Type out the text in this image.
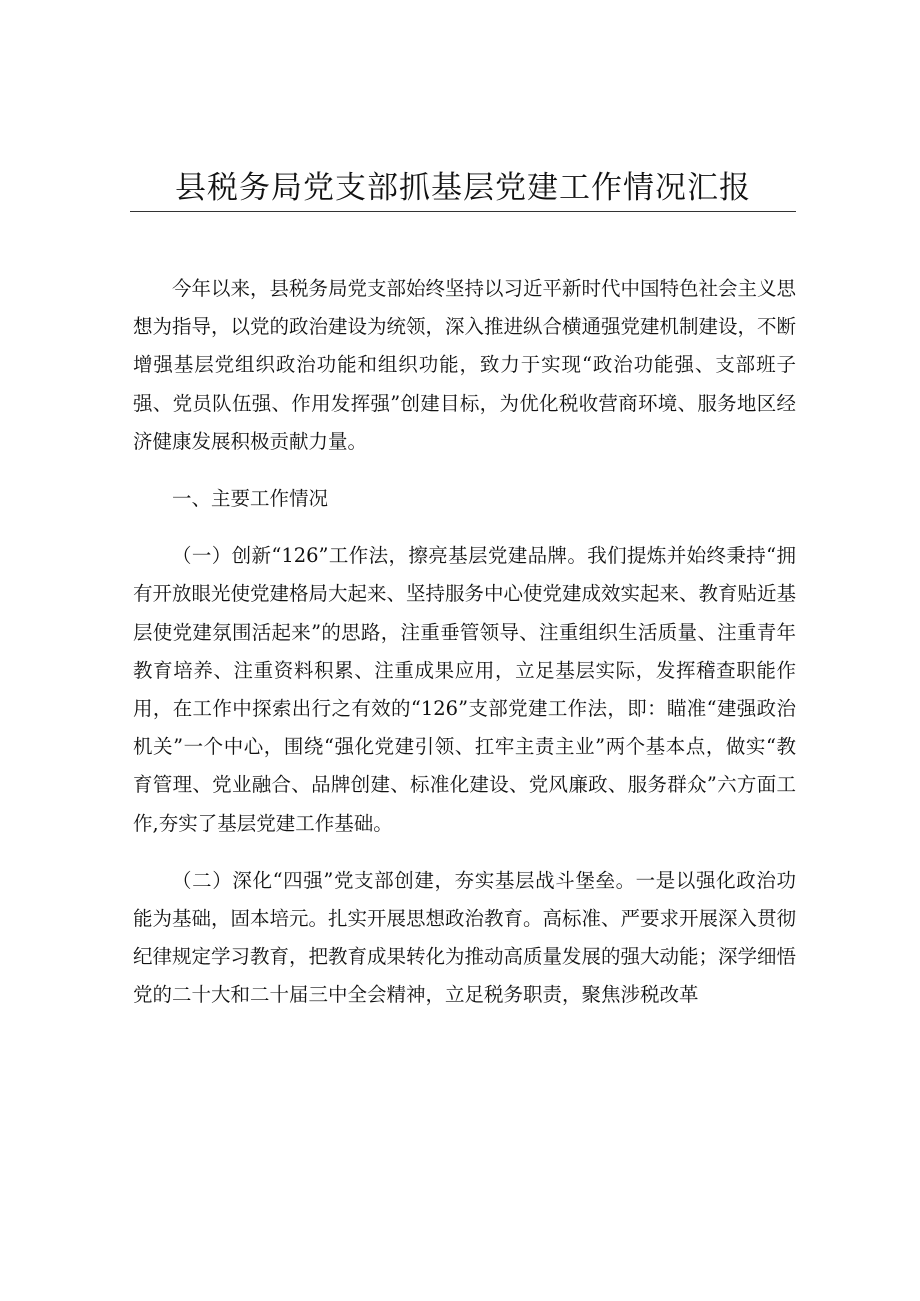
县税务局党支部抓基层党建工作情况汇报

今年以来，县税务局党支部始终坚持以习近平新时代中国特色社会主义思想为指导，以党的政治建设为统领，深入推进纵合横通强党建机制建设，不断增强基层党组织政治功能和组织功能，致力于实现“政治功能强、支部班子强、党员队伍强、作用发挥强”创建目标，为优化税收营商环境、服务地区经济健康发展积极贡献力量。

一、主要工作情况

（一）创新“126”工作法，擦亮基层党建品牌。我们提炼并始终秉持“拥有开放眼光使党建格局大起来、坚持服务中心使党建成效实起来、教育贴近基层使党建氛围活起来”的思路，注重垂管领导、注重组织生活质量、注重青年教育培养、注重资料积累、注重成果应用，立足基层实际，发挥稽查职能作用，在工作中探索出行之有效的“126”支部党建工作法，即：瞄准“建强政治机关”一个中心，围绕“强化党建引领、扛牢主责主业”两个基本点，做实“教育管理、党业融合、品牌创建、标准化建设、党风廉政、服务群众”六方面工作,夯实了基层党建工作基础。

（二）深化“四强”党支部创建，夯实基层战斗堡垒。一是以强化政治功能为基础，固本培元。扎实开展思想政治教育。高标准、严要求开展深入贯彻纪律规定学习教育，把教育成果转化为推动高质量发展的强大动能；深学细悟党的二十大和二十届三中全会精神，立足税务职责，聚焦涉税改革
